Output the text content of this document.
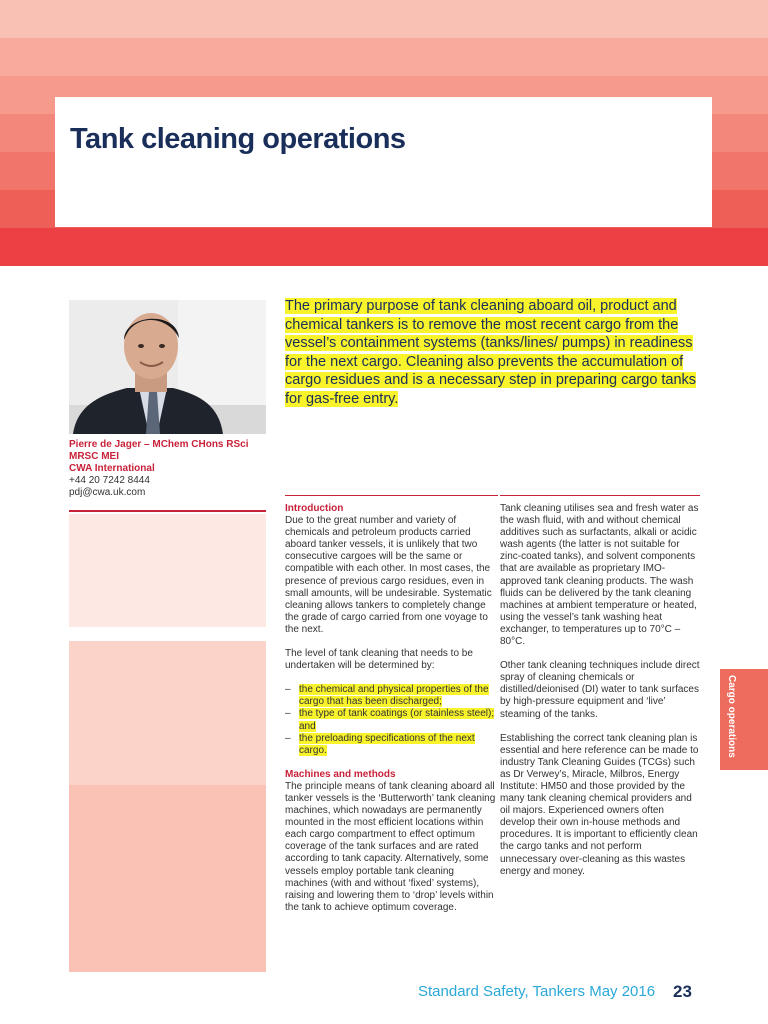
Tank cleaning operations
Pierre de Jager – MChem CHons RSci
MRSC MEI
CWA International
+44 20 7242 8444
pdj@cwa.uk.com

The primary purpose of tank cleaning aboard oil, product and chemical tankers is to remove the most recent cargo from the vessel’s containment systems (tanks/lines/ pumps) in readiness for the next cargo. Cleaning also prevents the accumulation of cargo residues and is a necessary step in preparing cargo tanks for gas-free entry.

Introduction

Due to the great number and variety of chemicals and petroleum products carried aboard tanker vessels, it is unlikely that two consecutive cargoes will be the same or compatible with each other. In most cases, the presence of previous cargo residues, even in small amounts, will be undesirable. Systematic cleaning allows tankers to completely change the grade of cargo carried from one voyage to the next.

The level of tank cleaning that needs to be undertaken will be determined by:

– the chemical and physical properties of the cargo that has been discharged;
– the type of tank coatings (or stainless steel); and
– the preloading specifications of the next cargo.
Machines and methods

The principle means of tank cleaning aboard all tanker vessels is the ‘Butterworth’ tank cleaning machines, which nowadays are permanently mounted in the most efficient locations within each cargo compartment to effect optimum coverage of the tank surfaces and are rated according to tank capacity. Alternatively, some vessels employ portable tank cleaning machines (with and without ‘fixed’ systems), raising and lowering them to ‘drop’ levels within the tank to achieve optimum coverage.

Tank cleaning utilises sea and fresh water as the wash fluid, with and without chemical additives such as surfactants, alkali or acidic wash agents (the latter is not suitable for zinc-coated tanks), and solvent components that are available as proprietary IMO-approved tank cleaning products. The wash fluids can be delivered by the tank cleaning machines at ambient temperature or heated, using the vessel’s tank washing heat exchanger, to temperatures up to 70°C – 80°C.

Other tank cleaning techniques include direct spray of cleaning chemicals or distilled/deionised (DI) water to tank surfaces by high-pressure equipment and ‘live’ steaming of the tanks.

Establishing the correct tank cleaning plan is essential and here reference can be made to industry Tank Cleaning Guides (TCGs) such as Dr Verwey’s, Miracle, Milbros, Energy Institute: HM50 and those provided by the many tank cleaning chemical providers and oil majors. Experienced owners often develop their own in-house methods and procedures. It is important to efficiently clean the cargo tanks and not perform unnecessary over-cleaning as this wastes energy and money.

Cargo operations
Standard Safety, Tankers May 2016 23
